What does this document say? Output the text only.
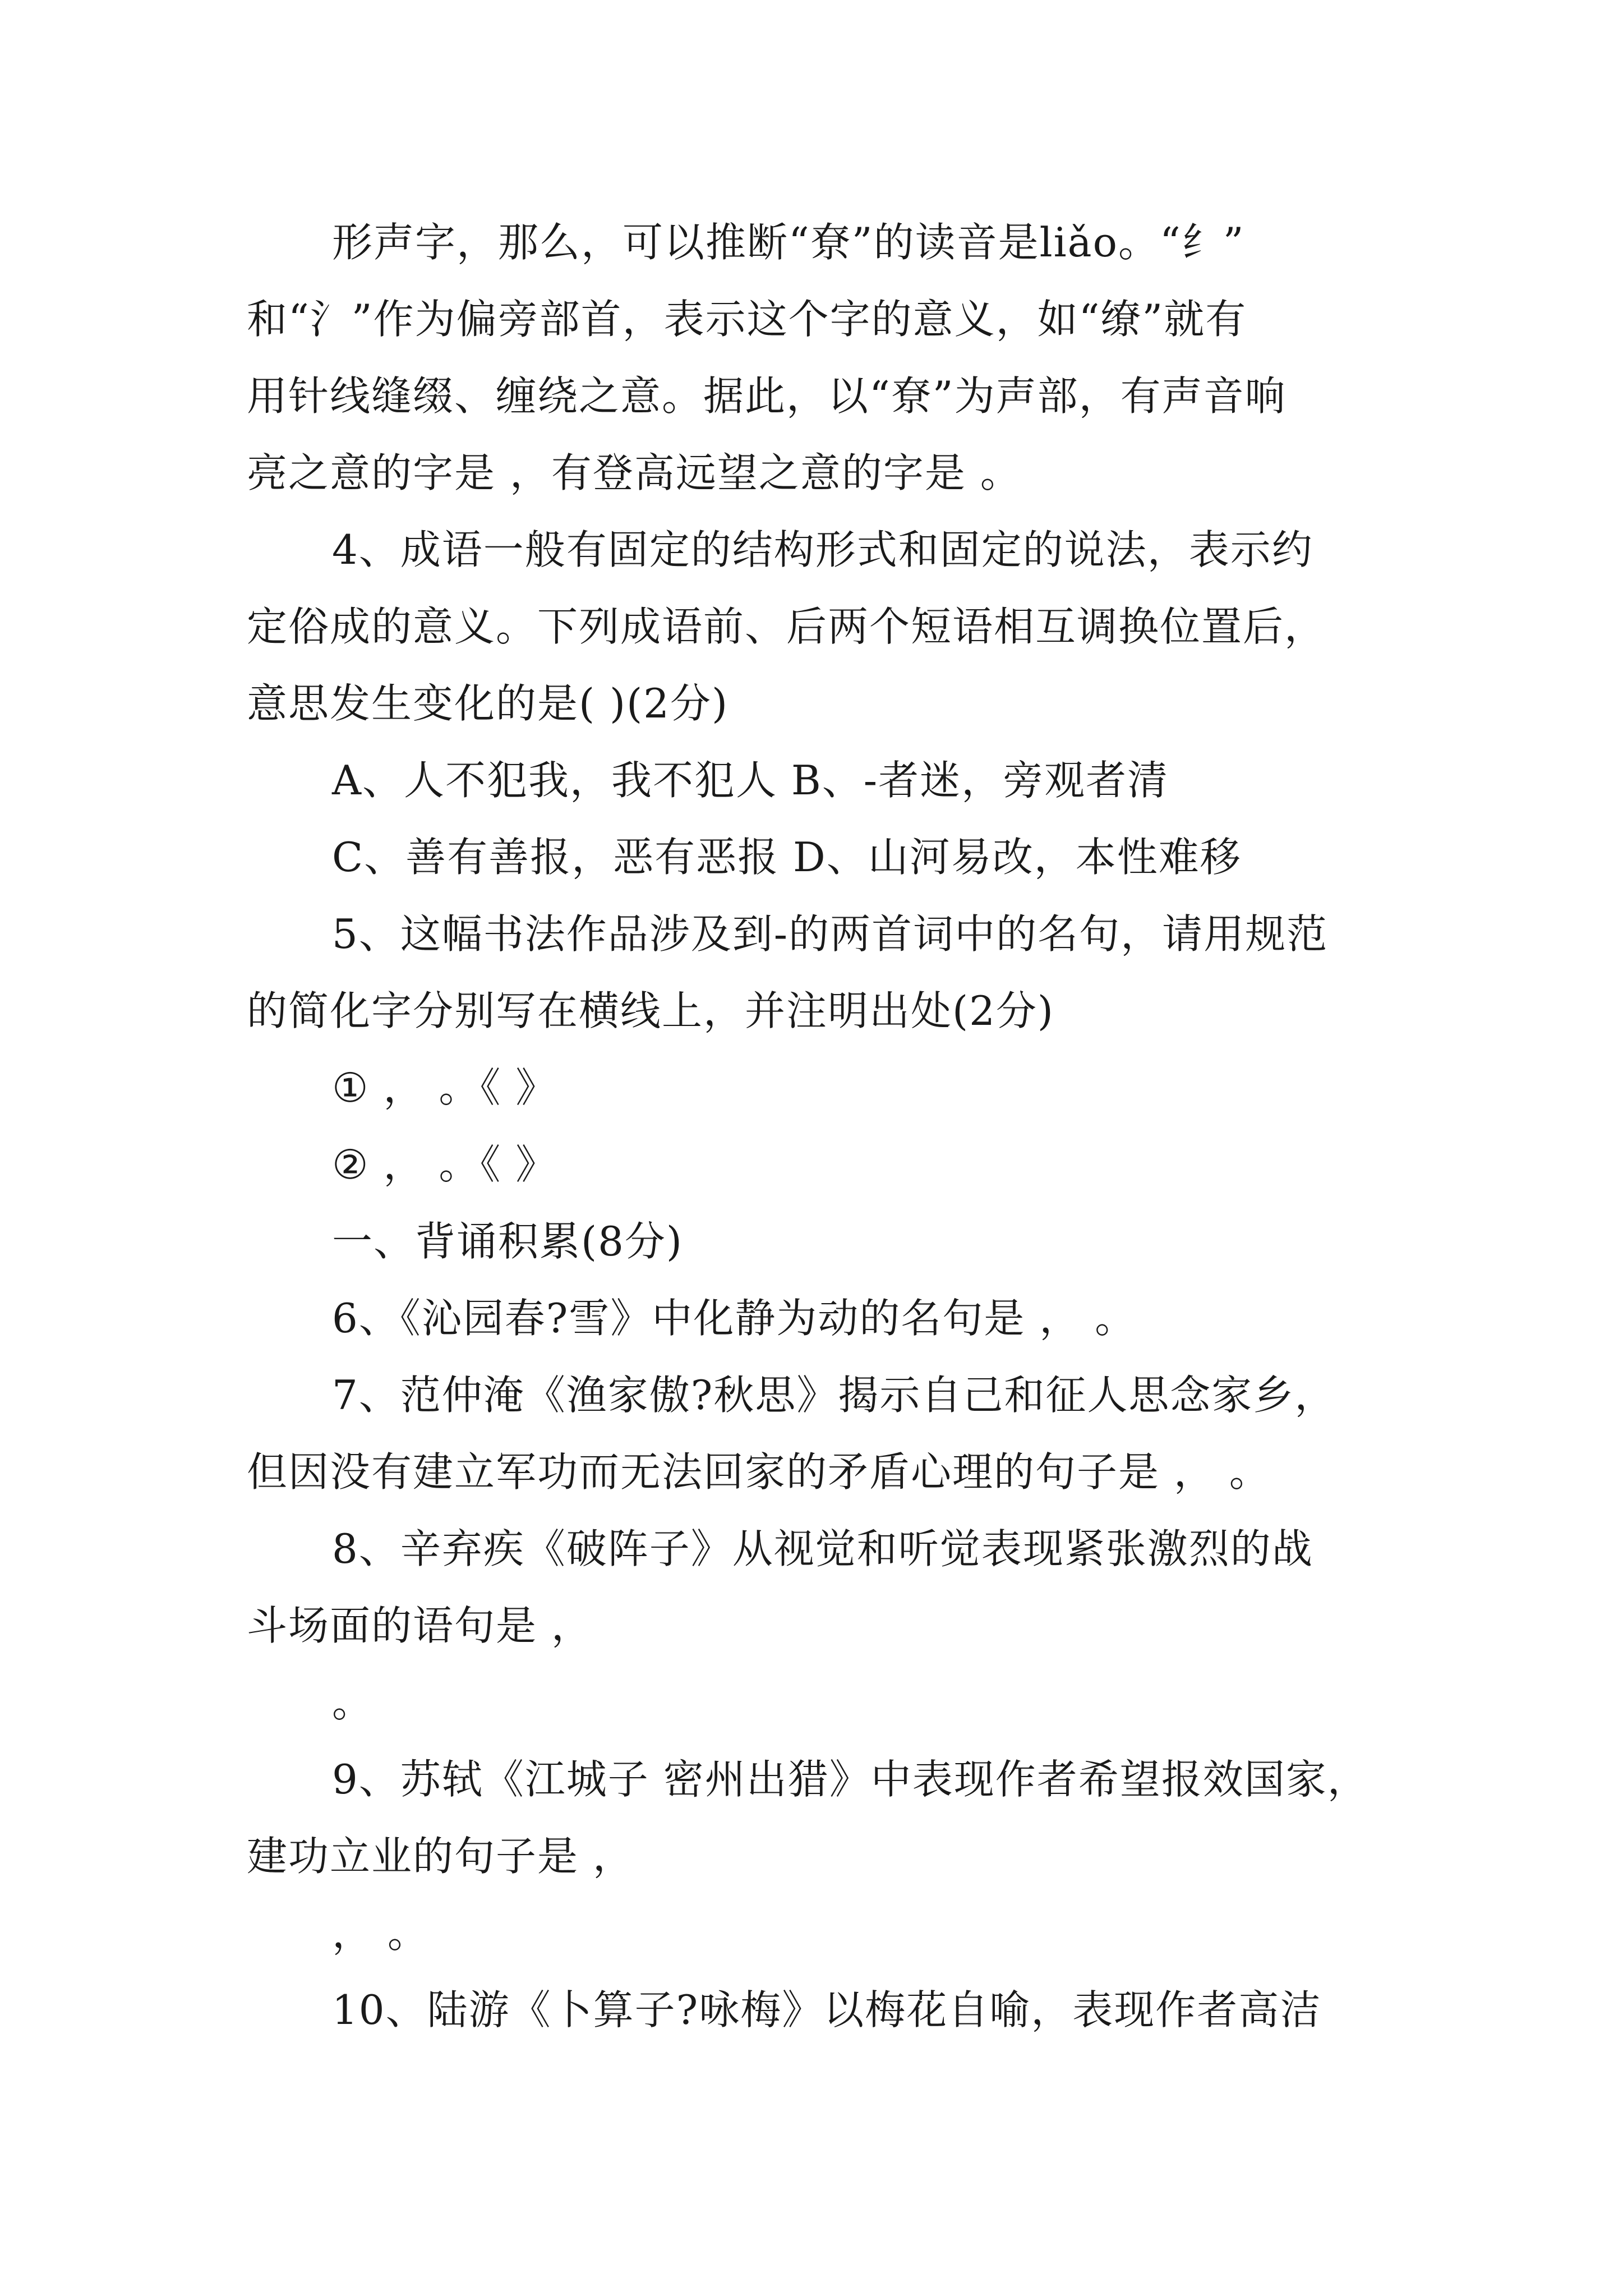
形声字，那么，可以推断“尞”的读音是liǎo。“纟”
和“氵”作为偏旁部首，表示这个字的意义，如“缭”就有
用针线缝缀、缠绕之意。据此，以“尞”为声部，有声音响
亮之意的字是 ，有登高远望之意的字是 。
4、成语一般有固定的结构形式和固定的说法，表示约
定俗成的意义。下列成语前、后两个短语相互调换位置后，
意思发生变化的是( )(2分)
A、人不犯我，我不犯人 B、-者迷，旁观者清
C、善有善报，恶有恶报 D、山河易改，本性难移
5、这幅书法作品涉及到-的两首词中的名句，请用规范
的简化字分别写在横线上，并注明出处(2分)
① ， 。《 》
② ， 。《 》
一、背诵积累(8分)
6、《沁园春?雪》中化静为动的名句是 ， 。
7、范仲淹《渔家傲?秋思》揭示自己和征人思念家乡，
但因没有建立军功而无法回家的矛盾心理的句子是 ， 。
8、辛弃疾《破阵子》从视觉和听觉表现紧张激烈的战
斗场面的语句是 ，
。
9、苏轼《江城子 密州出猎》中表现作者希望报效国家，
建功立业的句子是 ，
， 。
10、陆游《卜算子?咏梅》以梅花自喻，表现作者高洁
